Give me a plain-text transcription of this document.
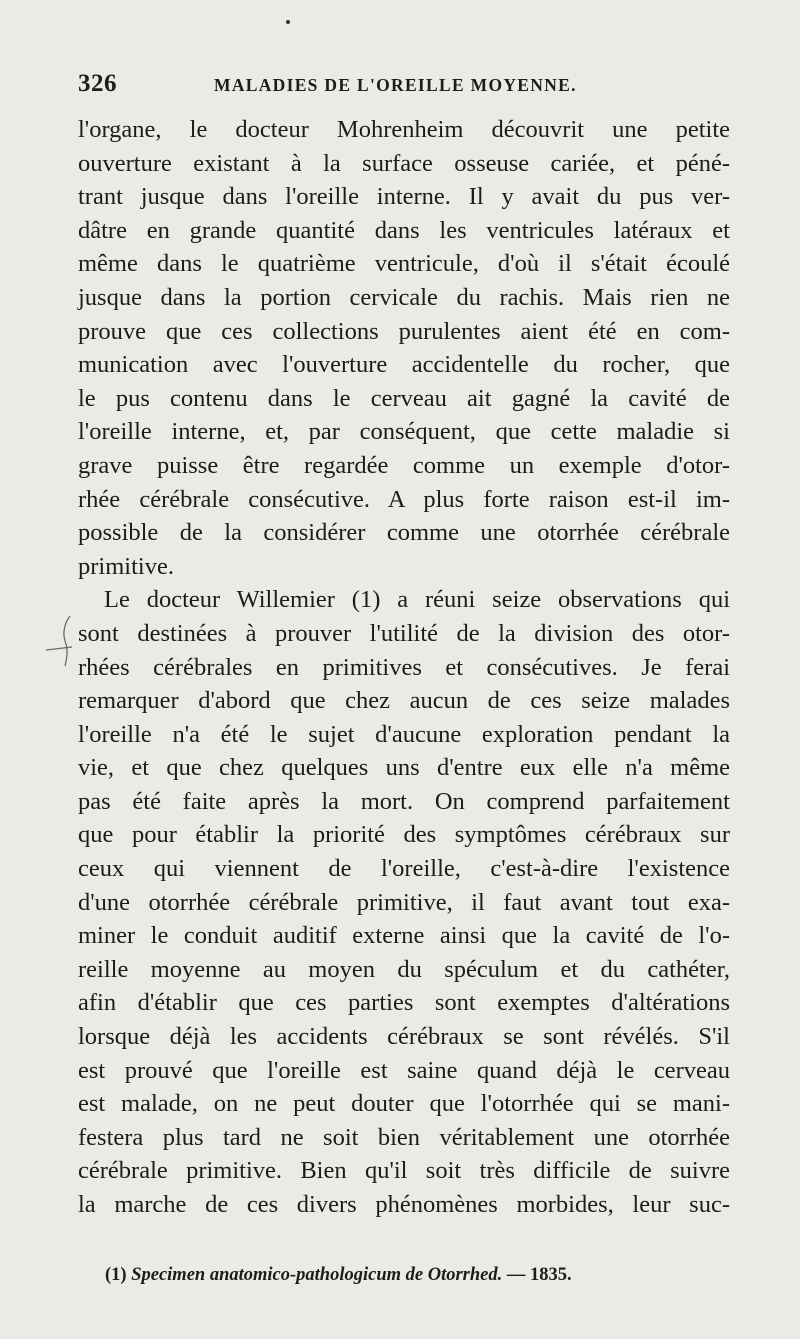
326	MALADIES DE L'OREILLE MOYENNE.
l'organe, le docteur Mohrenheim découvrit une petite
ouverture existant à la surface osseuse cariée, et péné-
trant jusque dans l'oreille interne. Il y avait du pus ver-
dâtre en grande quantité dans les ventricules latéraux et
même dans le quatrième ventricule, d'où il s'était écoulé
jusque dans la portion cervicale du rachis. Mais rien ne
prouve que ces collections purulentes aient été en com-
munication avec l'ouverture accidentelle du rocher, que
le pus contenu dans le cerveau ait gagné la cavité de
l'oreille interne, et, par conséquent, que cette maladie si
grave puisse être regardée comme un exemple d'otor-
rhée cérébrale consécutive. A plus forte raison est-il im-
possible de la considérer comme une otorrhée cérébrale
primitive.
Le docteur Willemier (1) a réuni seize observations qui
sont destinées à prouver l'utilité de la division des otor-
rhées cérébrales en primitives et consécutives. Je ferai
remarquer d'abord que chez aucun de ces seize malades
l'oreille n'a été le sujet d'aucune exploration pendant la
vie, et que chez quelques uns d'entre eux elle n'a même
pas été faite après la mort. On comprend parfaitement
que pour établir la priorité des symptômes cérébraux sur
ceux qui viennent de l'oreille, c'est-à-dire l'existence
d'une otorrhée cérébrale primitive, il faut avant tout exa-
miner le conduit auditif externe ainsi que la cavité de l'o-
reille moyenne au moyen du spéculum et du cathéter,
afin d'établir que ces parties sont exemptes d'altérations
lorsque déjà les accidents cérébraux se sont révélés. S'il
est prouvé que l'oreille est saine quand déjà le cerveau
est malade, on ne peut douter que l'otorrhée qui se mani-
festera plus tard ne soit bien véritablement une otorrhée
cérébrale primitive. Bien qu'il soit très difficile de suivre
la marche de ces divers phénomènes morbides, leur suc-
(1) Specimen anatomico-pathologicum de Otorrhed. — 1835.
